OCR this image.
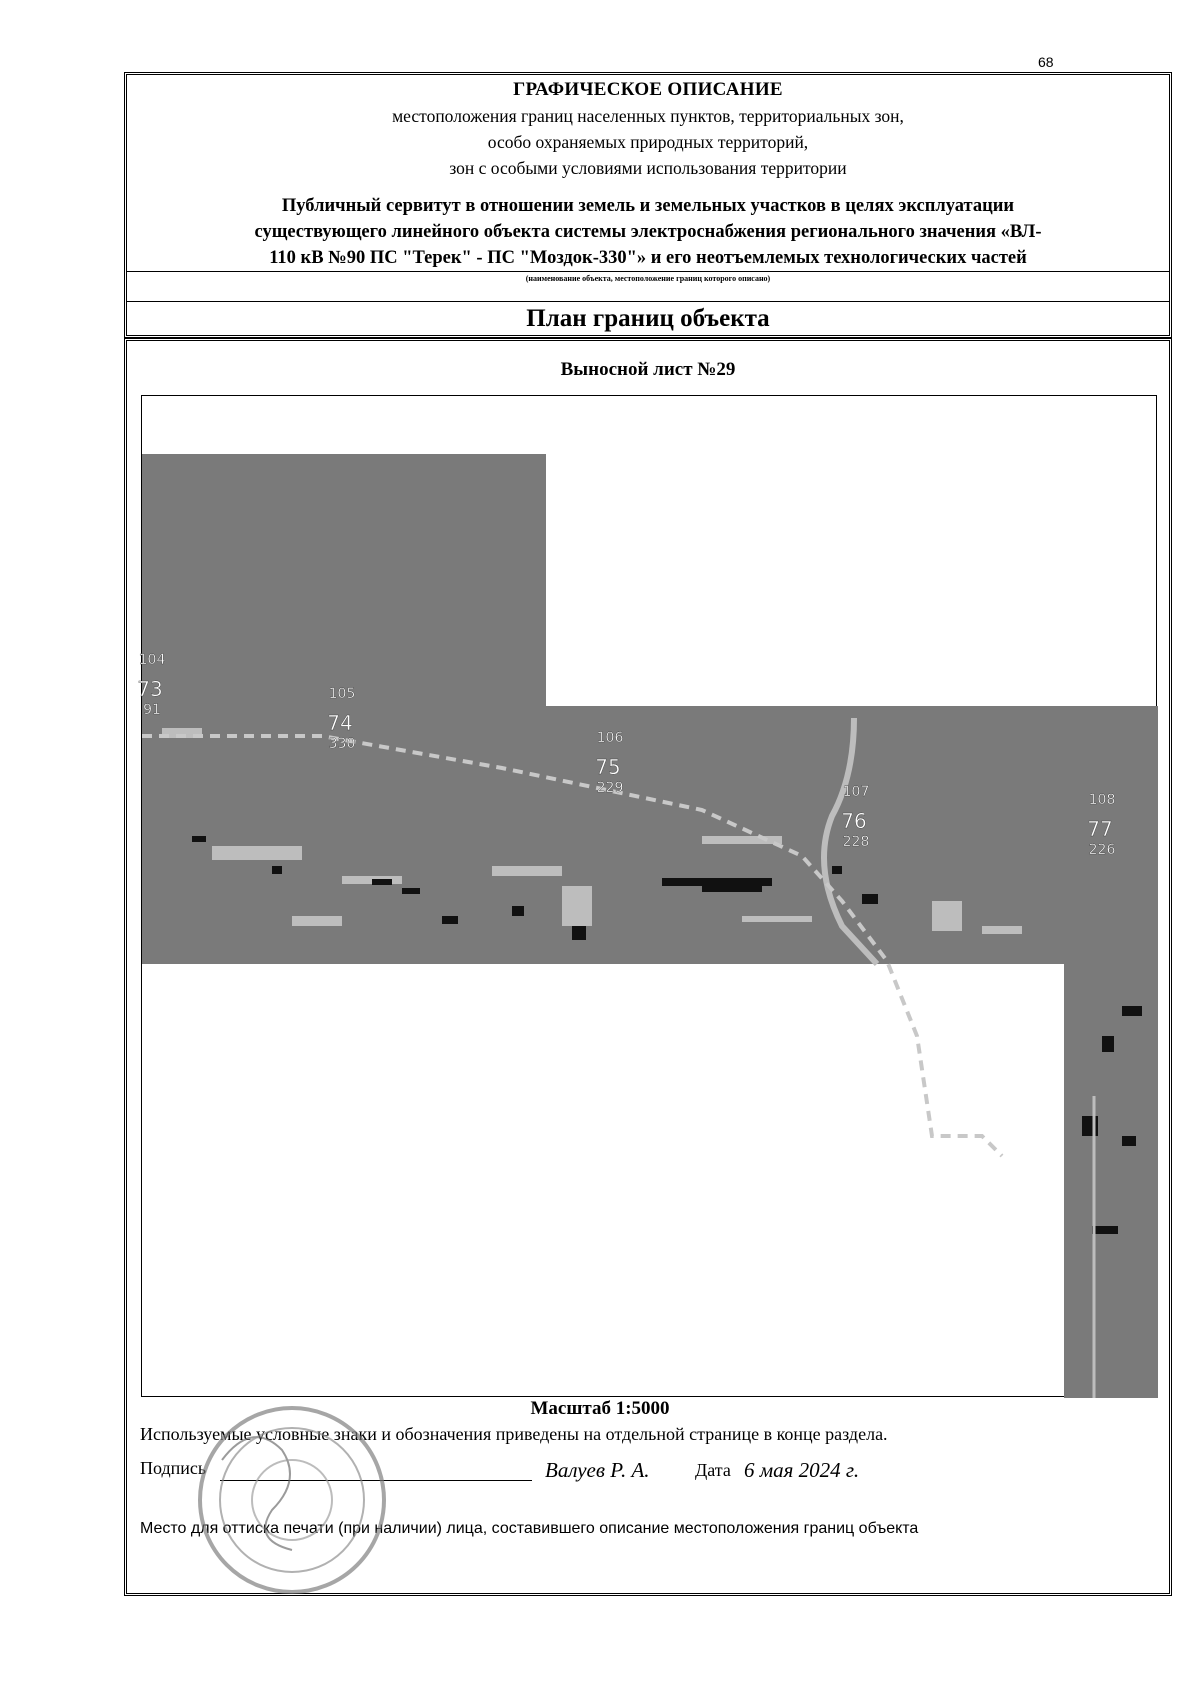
68
ГРАФИЧЕСКОЕ ОПИСАНИЕ
местоположения границ населенных пунктов, территориальных зон,
особо охраняемых природных территорий,
зон с особыми условиями использования территории
Публичный сервитут в отношении земель и земельных участков в целях эксплуатации
существующего линейного объекта системы электроснабжения регионального значения «ВЛ-
110 кВ №90 ПС "Терек" - ПС "Моздок-330"» и его неотъемлемых технологических частей
(наименование объекта, местоположение границ которого описано)
План границ объекта
Выносной лист №29
104
73
91
105
74
330	106
75
229	107
76
228
108
77
226
Масштаб 1:5000
Используемые условные знаки и обозначения приведены на отдельной странице в конце раздела.
Подпись	Валуев Р. А.	Дата 6 мая 2024 г.
Место для оттиска печати (при наличии) лица, составившего описание местоположения границ объекта
